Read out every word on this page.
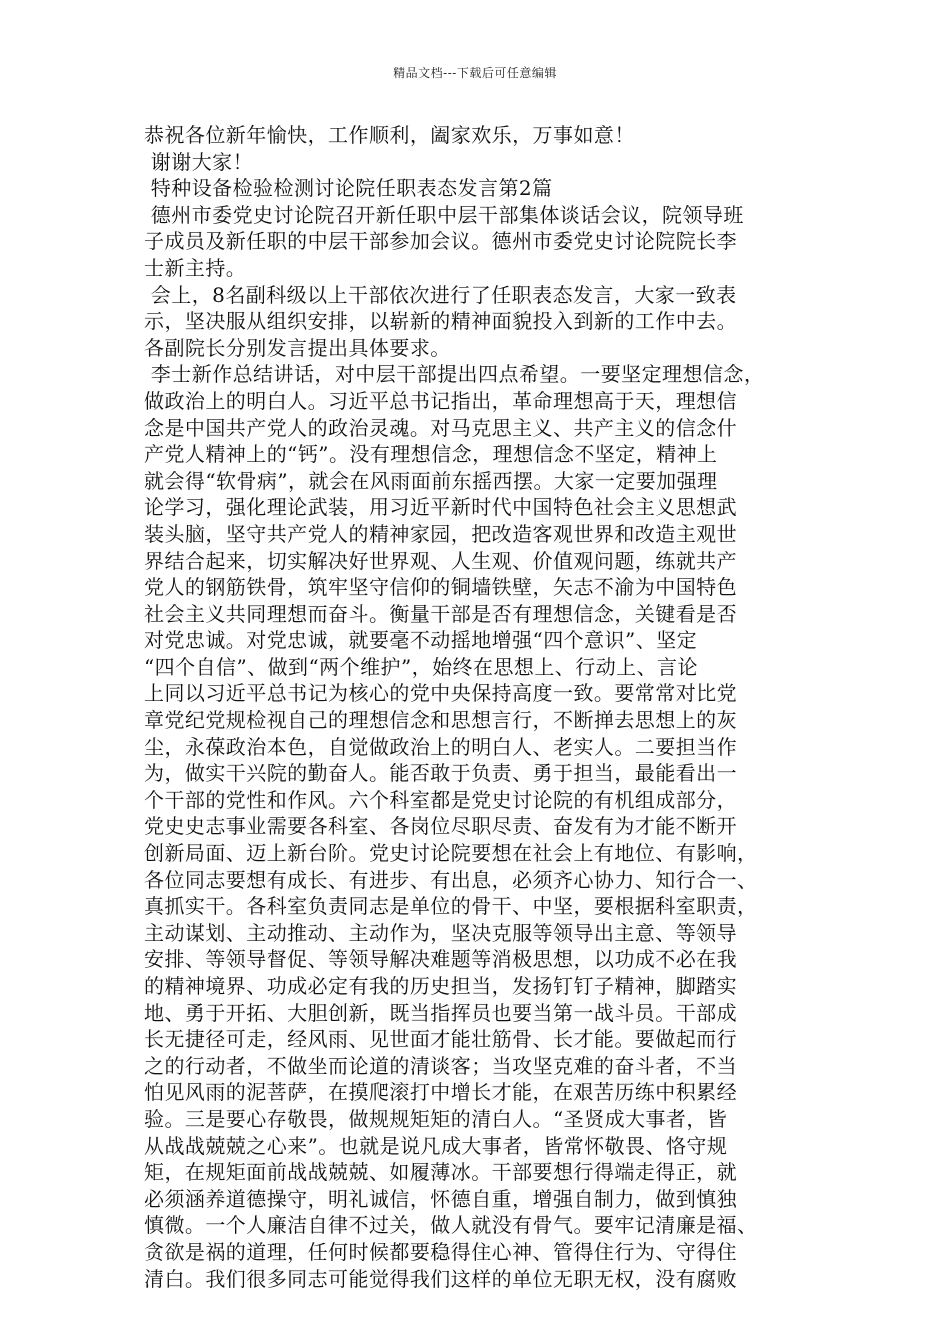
精品文档---下载后可任意编辑
恭祝各位新年愉快，工作顺利，阖家欢乐，万事如意！
谢谢大家！
特种设备检验检测讨论院任职表态发言第2篇
德州市委党史讨论院召开新任职中层干部集体谈话会议，院领导班
子成员及新任职的中层干部参加会议。德州市委党史讨论院院长李
士新主持。
会上，8名副科级以上干部依次进行了任职表态发言，大家一致表
示，坚决服从组织安排，以崭新的精神面貌投入到新的工作中去。
各副院长分别发言提出具体要求。
李士新作总结讲话，对中层干部提出四点希望。一要坚定理想信念，
做政治上的明白人。习近平总书记指出，革命理想高于天，理想信
念是中国共产党人的政治灵魂。对马克思主义、共产主义的信念什
产党人精神上的“钙”。没有理想信念，理想信念不坚定，精神上
就会得“软骨病”，就会在风雨面前东摇西摆。大家一定要加强理
论学习，强化理论武装，用习近平新时代中国特色社会主义思想武
装头脑，坚守共产党人的精神家园，把改造客观世界和改造主观世
界结合起来，切实解决好世界观、人生观、价值观问题，练就共产
党人的钢筋铁骨，筑牢坚守信仰的铜墙铁壁，矢志不渝为中国特色
社会主义共同理想而奋斗。衡量干部是否有理想信念，关键看是否
对党忠诚。对党忠诚，就要毫不动摇地增强“四个意识”、坚定
“四个自信”、做到“两个维护”，始终在思想上、行动上、言论
上同以习近平总书记为核心的党中央保持高度一致。要常常对比党
章党纪党规检视自己的理想信念和思想言行，不断掸去思想上的灰
尘，永葆政治本色，自觉做政治上的明白人、老实人。二要担当作
为，做实干兴院的勤奋人。能否敢于负责、勇于担当，最能看出一
个干部的党性和作风。六个科室都是党史讨论院的有机组成部分，
党史史志事业需要各科室、各岗位尽职尽责、奋发有为才能不断开
创新局面、迈上新台阶。党史讨论院要想在社会上有地位、有影响，
各位同志要想有成长、有进步、有出息，必须齐心协力、知行合一、
真抓实干。各科室负责同志是单位的骨干、中坚，要根据科室职责，
主动谋划、主动推动、主动作为，坚决克服等领导出主意、等领导
安排、等领导督促、等领导解决难题等消极思想，以功成不必在我
的精神境界、功成必定有我的历史担当，发扬钉钉子精神，脚踏实
地、勇于开拓、大胆创新，既当指挥员也要当第一战斗员。干部成
长无捷径可走，经风雨、见世面才能壮筋骨、长才能。要做起而行
之的行动者，不做坐而论道的清谈客；当攻坚克难的奋斗者，不当
怕见风雨的泥菩萨，在摸爬滚打中增长才能，在艰苦历练中积累经
验。三是要心存敬畏，做规规矩矩的清白人。“圣贤成大事者，皆
从战战兢兢之心来”。也就是说凡成大事者，皆常怀敬畏、恪守规
矩，在规矩面前战战兢兢、如履薄冰。干部要想行得端走得正，就
必须涵养道德操守，明礼诚信，怀德自重，增强自制力，做到慎独
慎微。一个人廉洁自律不过关，做人就没有骨气。要牢记清廉是福、
贪欲是祸的道理，任何时候都要稳得住心神、管得住行为、守得住
清白。我们很多同志可能觉得我们这样的单位无职无权，没有腐败
